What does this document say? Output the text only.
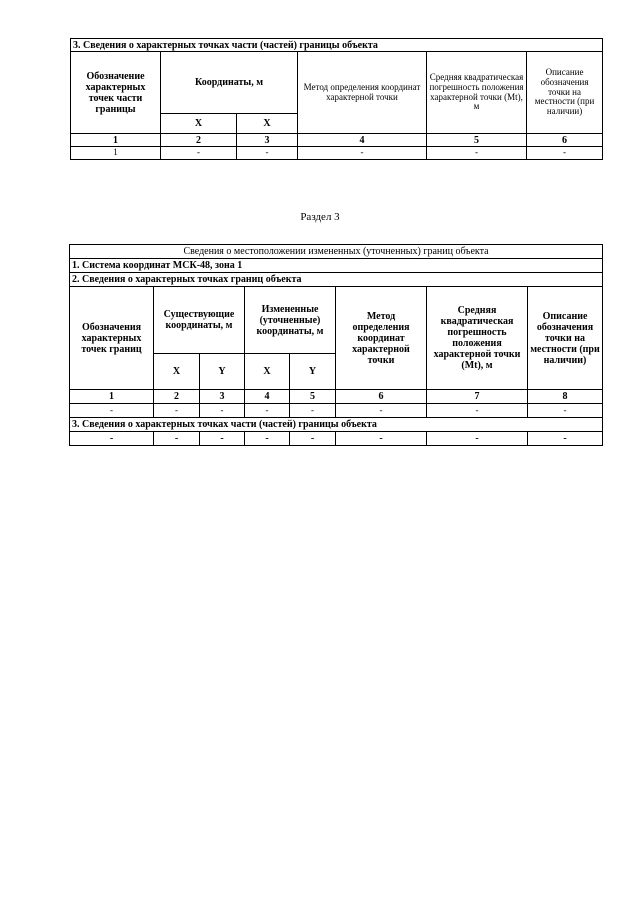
3. Сведения о характерных точках части (частей) границы объекта					
Обозначение характерных точек части границы	Координаты, м		Метод определения координат характерной точки	Средняя квадратическая погрешность положения характерной точки (Mt), м	Описание обозначения точки на местности (при наличии)
	X	X			
1	2	3	4	5	6
1	-	-	-	-	-
Раздел 3
Сведения о местоположении измененных (уточненных) границ объекта							
1. Система координат МСК-48, зона 1							
2. Сведения о характерных точках границ объекта							
Обозначения характерных точек границ	Существующие координаты, м		Измененные (уточненные) координаты, м		Метод определения координат характерной точки	Средняя квадратическая погрешность положения характерной точки (Mt), м	Описание обозначения точки на местности (при наличии)
	X	Y	X	Y			
1	2	3	4	5	6	7	8
-	-	-	-	-	-	-	-
3. Сведения о характерных точках части (частей) границы объекта							
-	-	-	-	-	-	-	-
